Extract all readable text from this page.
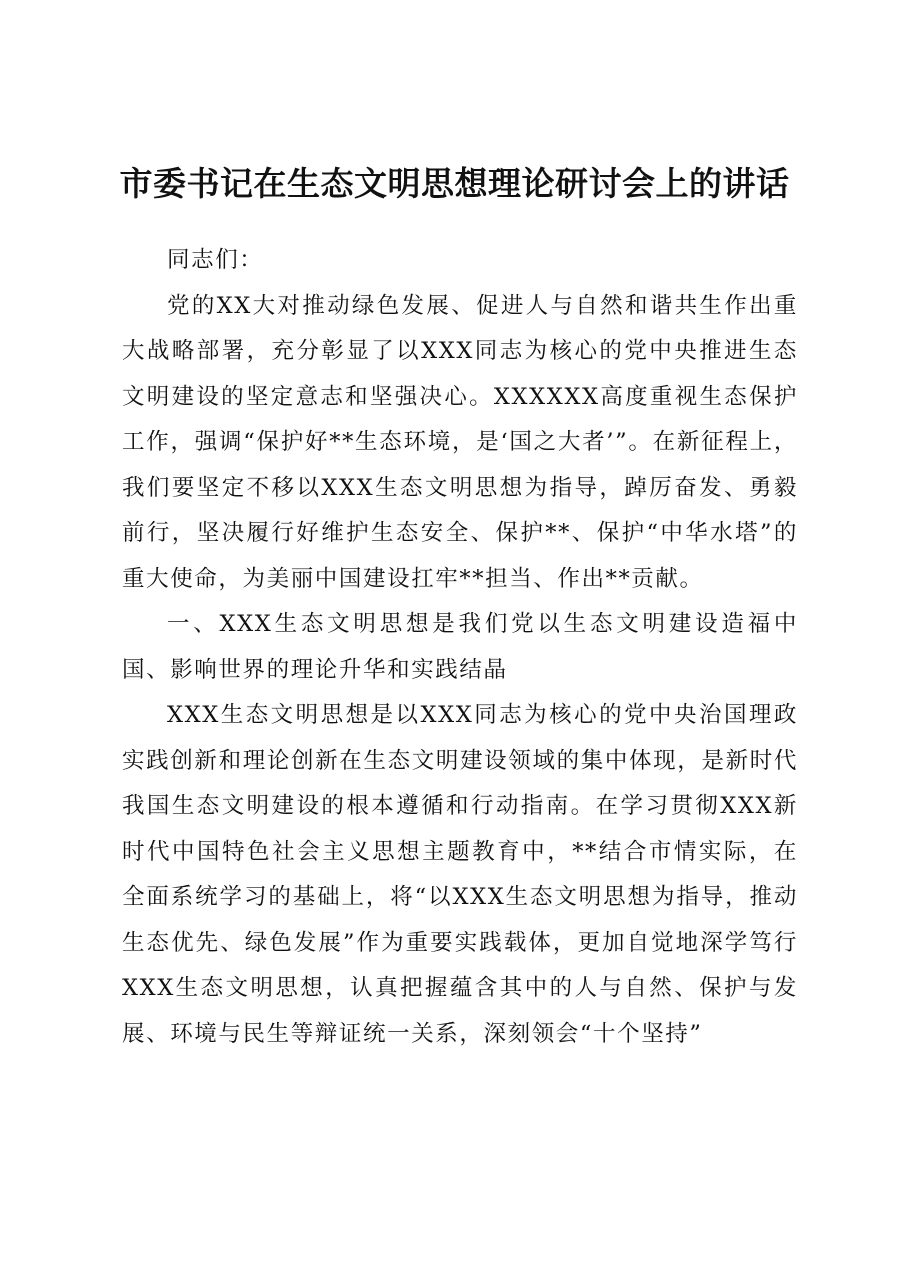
市委书记在生态文明思想理论研讨会上的讲话

同志们：

党的XX大对推动绿色发展、促进人与自然和谐共生作出重大战略部署，充分彰显了以XXX同志为核心的党中央推进生态文明建设的坚定意志和坚强决心。XXXXXX高度重视生态保护工作，强调“保护好**生态环境，是‘国之大者’”。在新征程上，我们要坚定不移以XXX生态文明思想为指导，踔厉奋发、勇毅前行，坚决履行好维护生态安全、保护**、保护“中华水塔”的重大使命，为美丽中国建设扛牢**担当、作出**贡献。

一、XXX生态文明思想是我们党以生态文明建设造福中国、影响世界的理论升华和实践结晶

XXX生态文明思想是以XXX同志为核心的党中央治国理政实践创新和理论创新在生态文明建设领域的集中体现，是新时代我国生态文明建设的根本遵循和行动指南。在学习贯彻XXX新时代中国特色社会主义思想主题教育中，**结合市情实际，在全面系统学习的基础上，将“以XXX生态文明思想为指导，推动生态优先、绿色发展”作为重要实践载体，更加自觉地深学笃行XXX生态文明思想，认真把握蕴含其中的人与自然、保护与发展、环境与民生等辩证统一关系，深刻领会“十个坚持”
